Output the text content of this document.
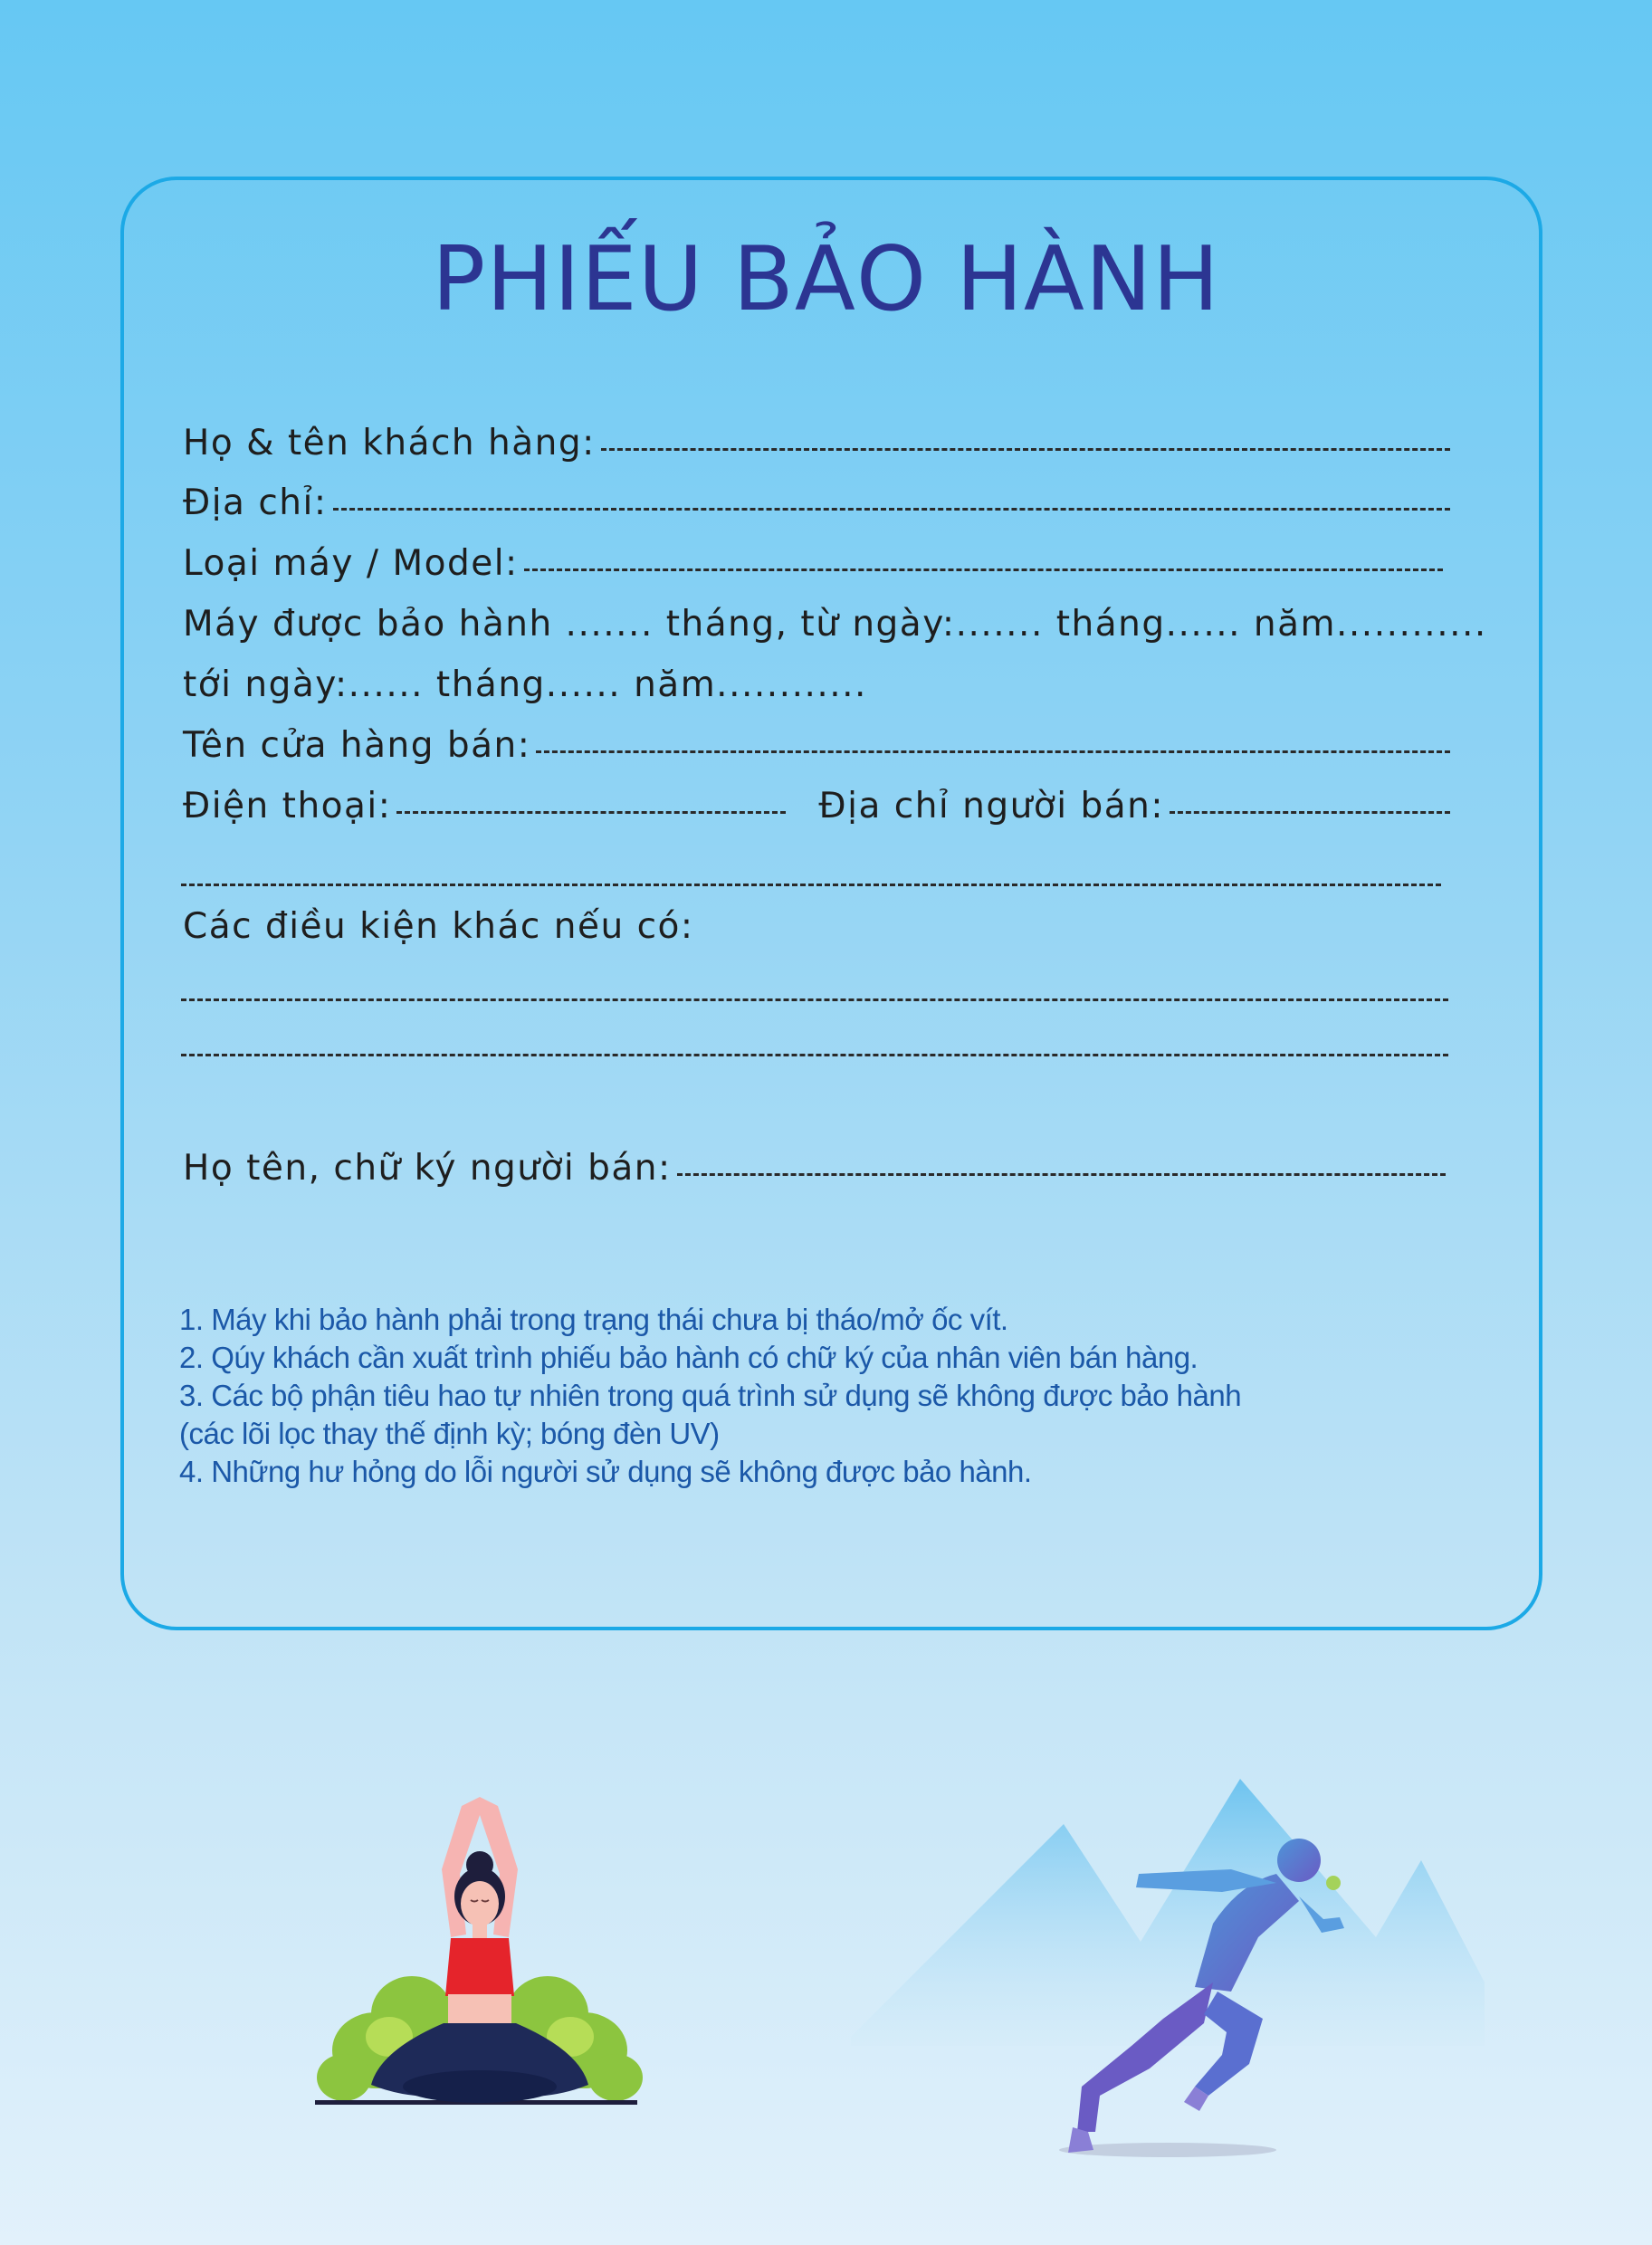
PHIẾU BẢO HÀNH
Họ & tên khách hàng:
Địa chỉ:
Loại máy / Model:
Máy được bảo hành ....... tháng, từ ngày:....... tháng...... năm............
tới ngày:...... tháng...... năm............
Tên cửa hàng bán:
Điện thoại:	Địa chỉ người bán:
Các điều kiện khác nếu có:
Họ tên, chữ ký người bán:
1. Máy khi bảo hành phải trong trạng thái chưa bị tháo/mở ốc vít.
2. Qúy khách cần xuất trình phiếu bảo hành có chữ ký của nhân viên bán hàng.
3. Các bộ phận tiêu hao tự nhiên trong quá trình sử dụng sẽ không được bảo hành
(các lõi lọc thay thế định kỳ; bóng đèn UV)
4. Những hư hỏng do lỗi người sử dụng sẽ không được bảo hành.
